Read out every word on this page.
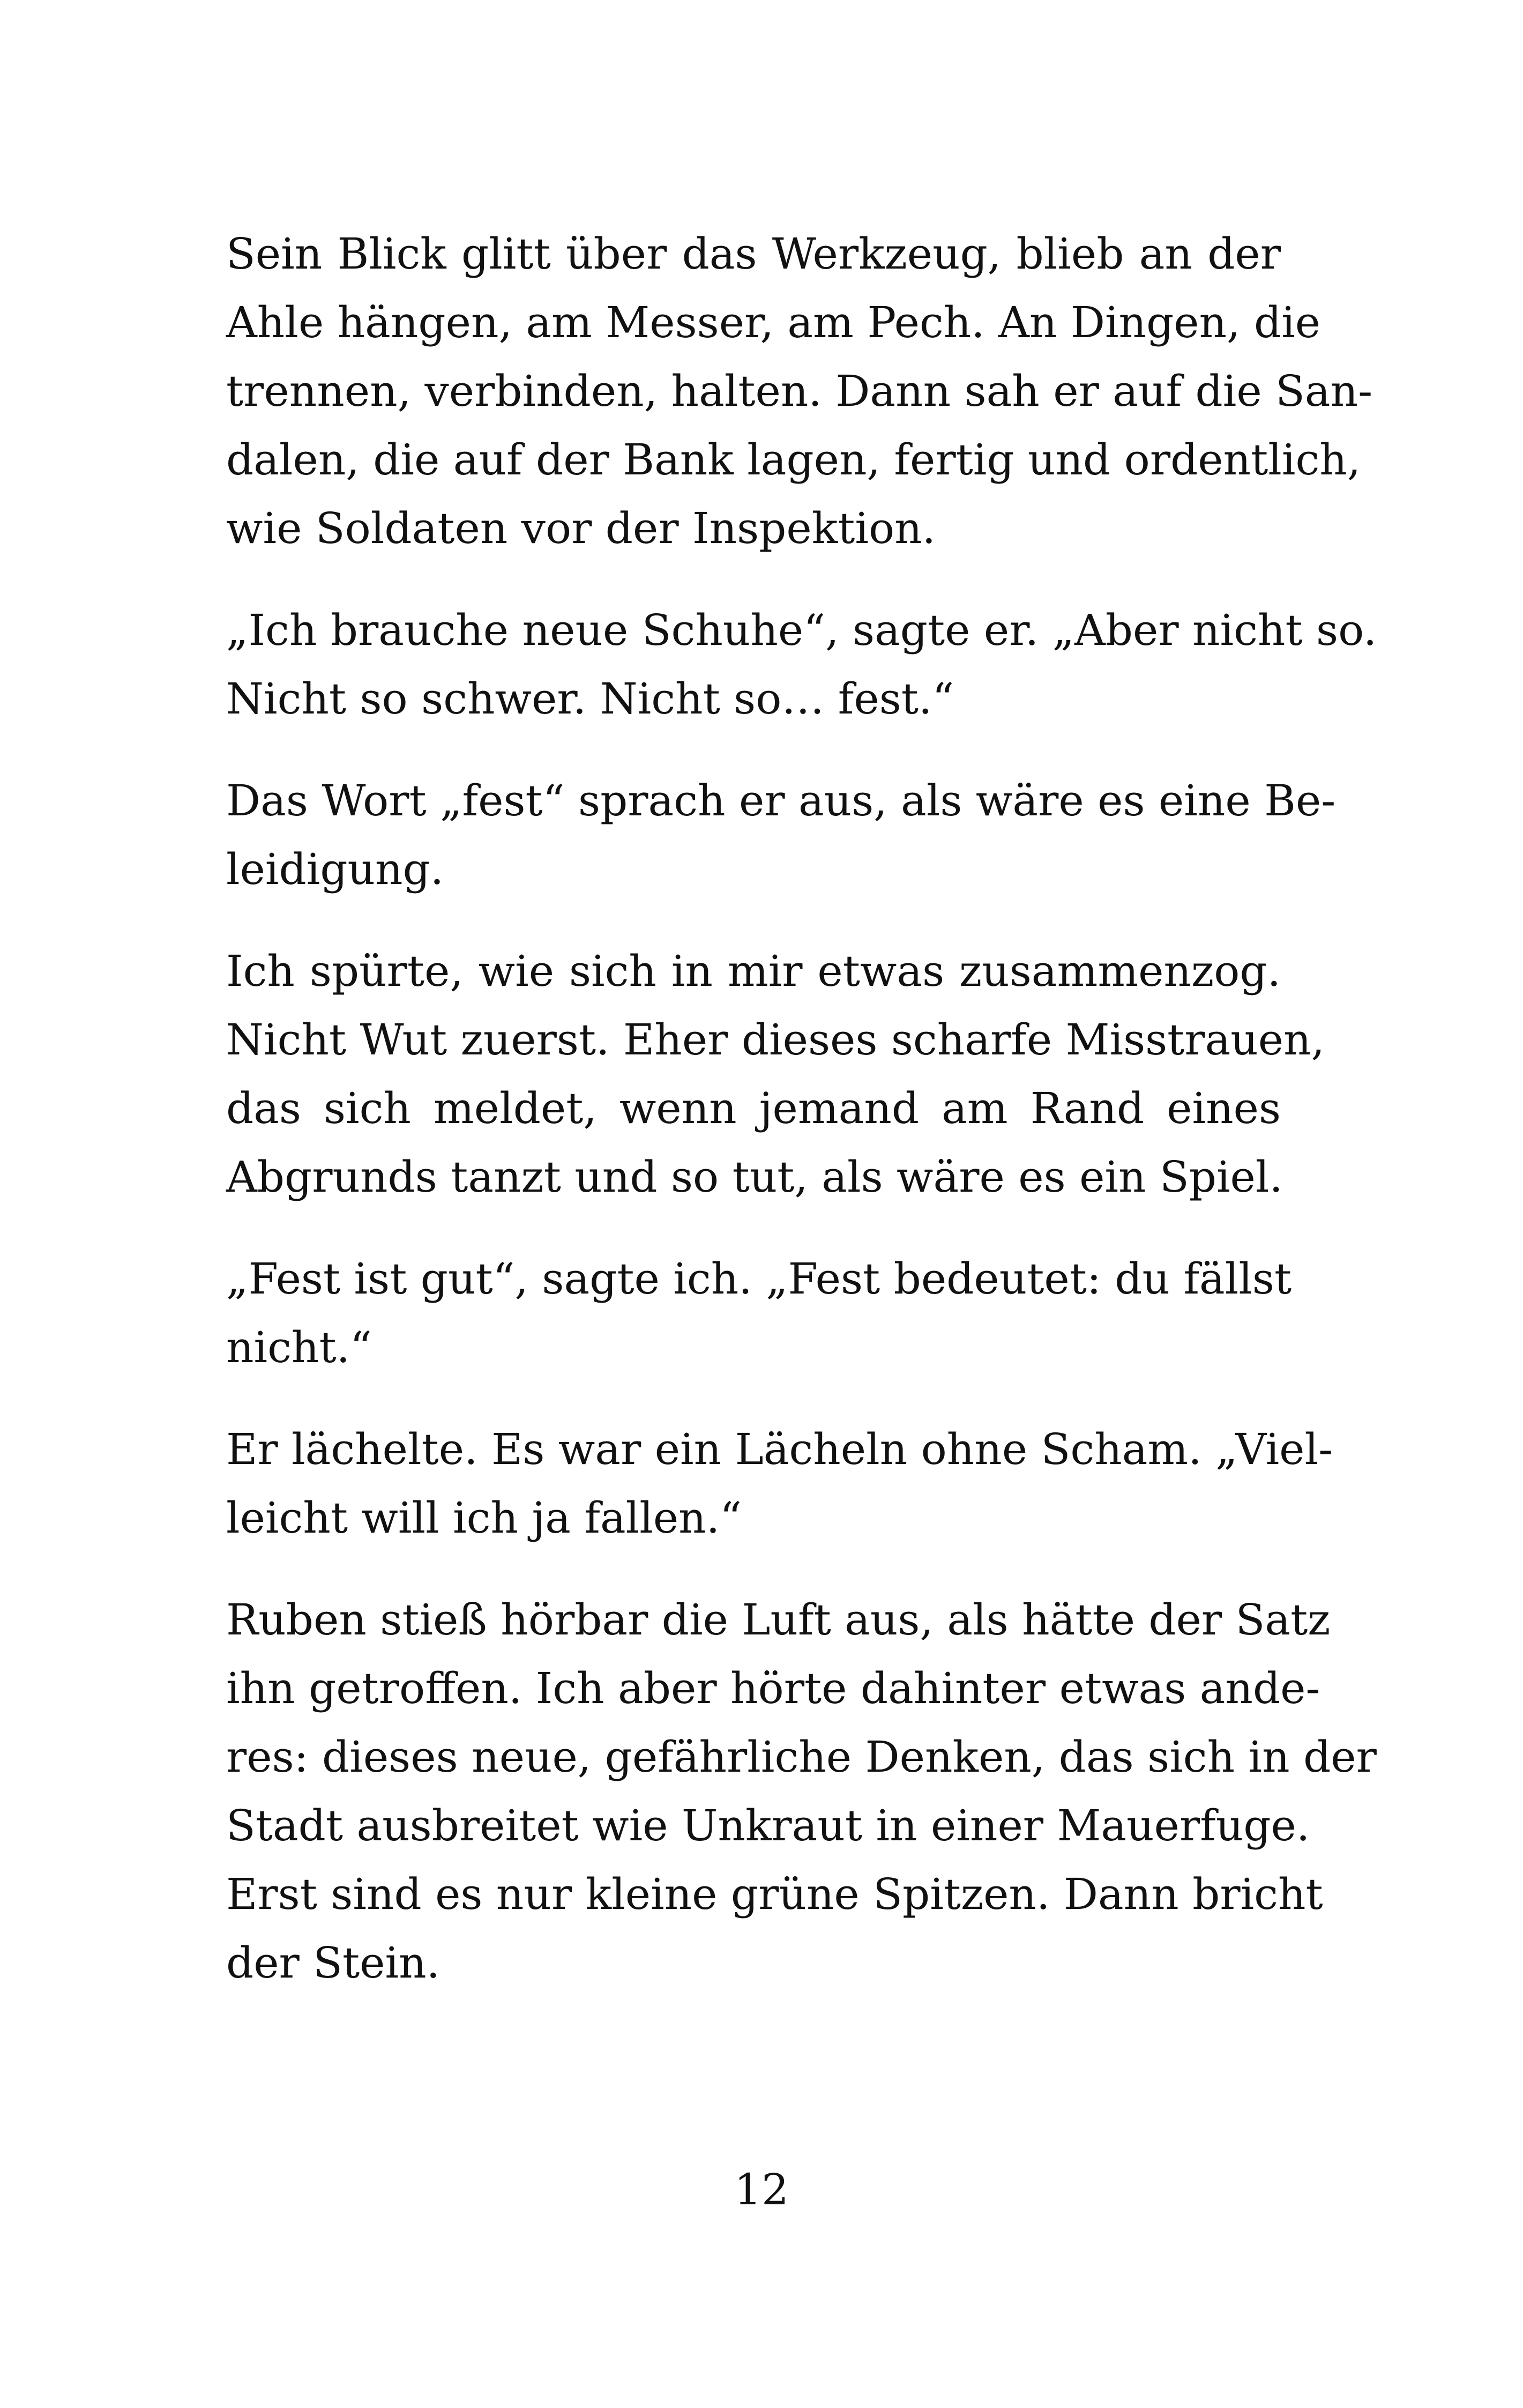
Sein Blick glitt über das Werkzeug, blieb an der
Ahle hängen, am Messer, am Pech. An Dingen, die
trennen, verbinden, halten. Dann sah er auf die San-
dalen, die auf der Bank lagen, fertig und ordentlich,
wie Soldaten vor der Inspektion.

„Ich brauche neue Schuhe“, sagte er. „Aber nicht so.
Nicht so schwer. Nicht so… fest.“

Das Wort „fest“ sprach er aus, als wäre es eine Be-
leidigung.

Ich spürte, wie sich in mir etwas zusammenzog.
Nicht Wut zuerst. Eher dieses scharfe Misstrauen,
das sich meldet, wenn jemand am Rand eines
Abgrunds tanzt und so tut, als wäre es ein Spiel.

„Fest ist gut“, sagte ich. „Fest bedeutet: du fällst
nicht.“

Er lächelte. Es war ein Lächeln ohne Scham. „Viel-
leicht will ich ja fallen.“

Ruben stieß hörbar die Luft aus, als hätte der Satz
ihn getroffen. Ich aber hörte dahinter etwas ande-
res: dieses neue, gefährliche Denken, das sich in der
Stadt ausbreitet wie Unkraut in einer Mauerfuge.
Erst sind es nur kleine grüne Spitzen. Dann bricht
der Stein.

12
